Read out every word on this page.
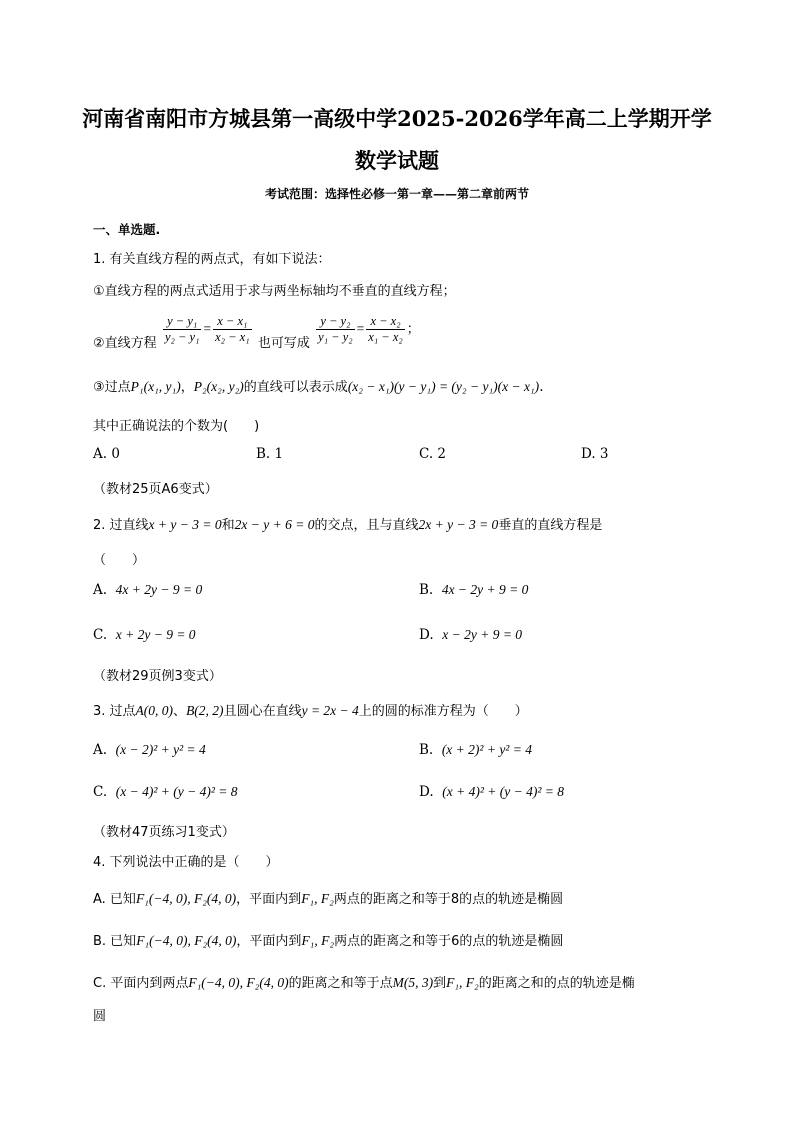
河南省南阳市方城县第一高级中学2025-2026学年高二上学期开学
数学试题
考试范围：选择性必修一第一章——第二章前两节
一、单选题.
1. 有关直线方程的两点式，有如下说法：
①直线方程的两点式适用于求与两坐标轴均不垂直的直线方程；
②直线方程 $\frac{\text{y − y₁}}{\text{y₂ − y₁}} = \frac{\text{x − x₁}}{\text{x₂ − x₁}}$ 也可写成 $\frac{\text{y − y₂}}{\text{y₁ − y₂}} = \frac{\text{x − x₂}}{\text{x₁ − x₂}}$ ；
③过点P₁(x₁, y₁)，P₂(x₂, y₂)的直线可以表示成(x₂ − x₁)(y − y₁) = (y₂ − y₁)(x − x₁).
其中正确说法的个数为(　　)
A. 0	B. 1	C. 2	D. 3
（教材25页A6变式）
2. 过直线x + y − 3 = 0和2x − y + 6 = 0的交点，且与直线2x + y − 3 = 0垂直的直线方程是
（　　）
A. 4x + 2y − 9 = 0	B. 4x − 2y + 9 = 0
C. x + 2y − 9 = 0	D. x − 2y + 9 = 0
（教材29页例3变式）
3. 过点A(0, 0)、B(2, 2)且圆心在直线y = 2x − 4上的圆的标准方程为（　　）
A. (x − 2)² + y² = 4	B. (x + 2)² + y² = 4
C. (x − 4)² + (y − 4)² = 8	D. (x + 4)² + (y − 4)² = 8
（教材47页练习1变式）
4. 下列说法中正确的是（　　）
A. 已知F₁(−4, 0), F₂(4, 0)，平面内到F₁, F₂两点的距离之和等于8的点的轨迹是椭圆
B. 已知F₁(−4, 0), F₂(4, 0)，平面内到F₁, F₂两点的距离之和等于6的点的轨迹是椭圆
C. 平面内到两点F₁(−4, 0), F₂(4, 0)的距离之和等于点M(5, 3)到F₁, F₂的距离之和的点的轨迹是椭
圆
